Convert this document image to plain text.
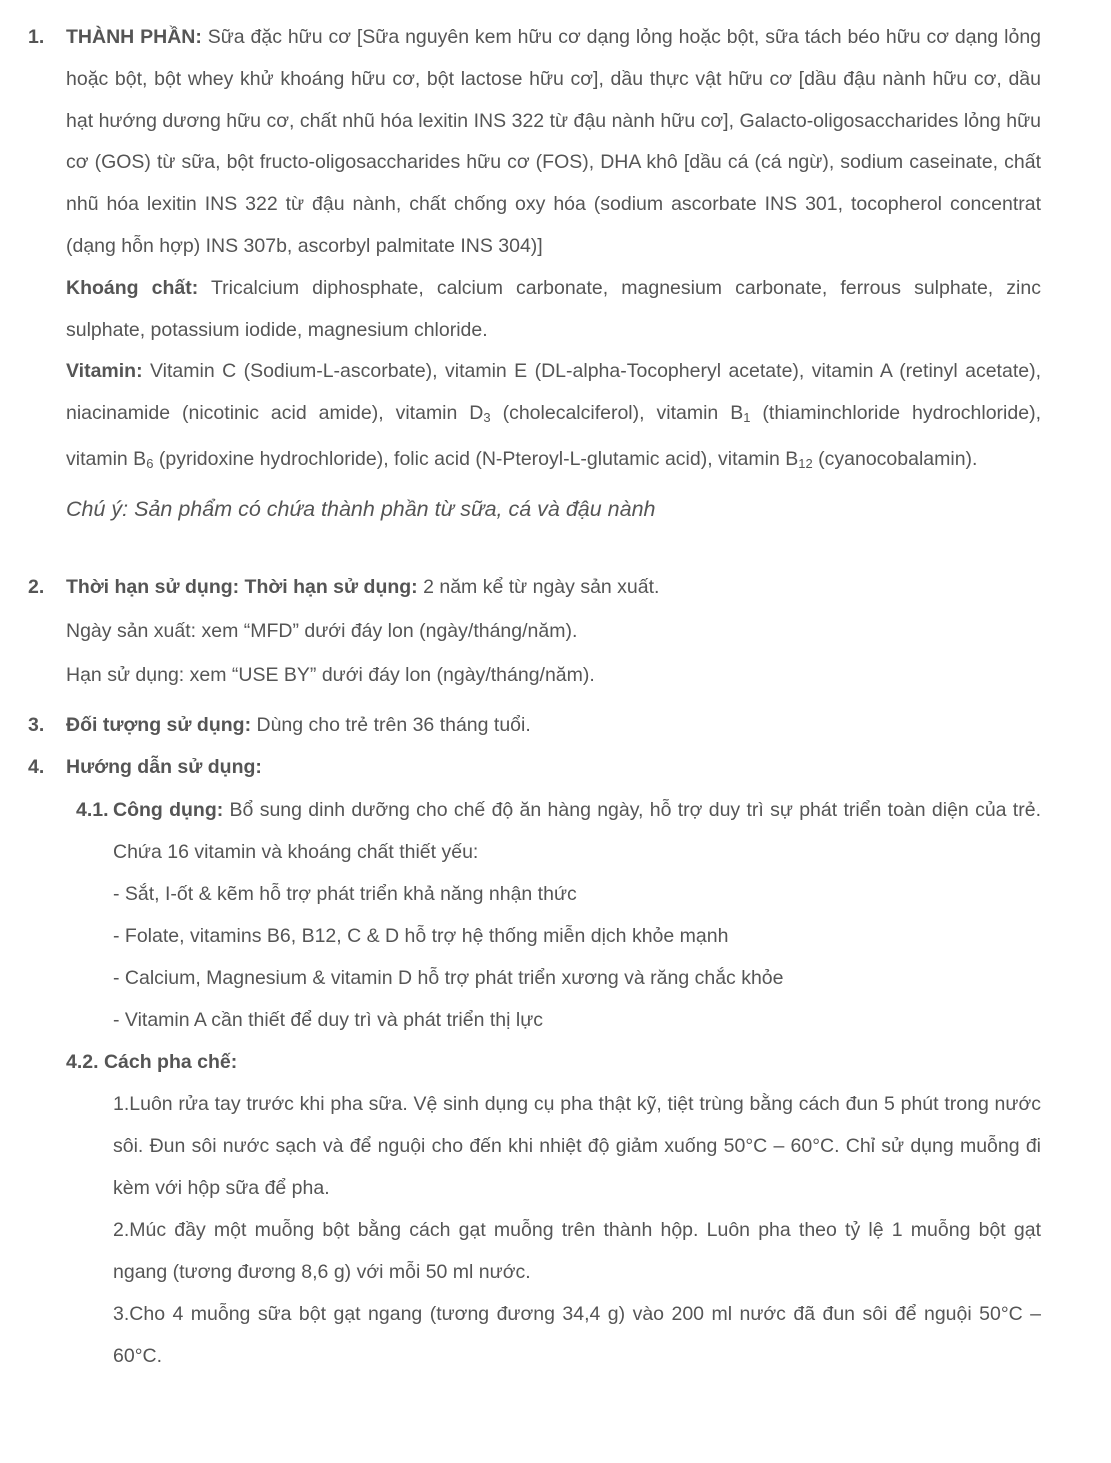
1. THÀNH PHẦN: Sữa đặc hữu cơ [Sữa nguyên kem hữu cơ dạng lỏng hoặc bột, sữa tách béo hữu cơ dạng lỏng hoặc bột, bột whey khử khoáng hữu cơ, bột lactose hữu cơ], dầu thực vật hữu cơ [dầu đậu nành hữu cơ, dầu hạt hướng dương hữu cơ, chất nhũ hóa lexitin INS 322 từ đậu nành hữu cơ], Galacto-oligosaccharides lỏng hữu cơ (GOS) từ sữa, bột fructo-oligosaccharides hữu cơ (FOS), DHA khô [dầu cá (cá ngừ), sodium caseinate, chất nhũ hóa lexitin INS 322 từ đậu nành, chất chống oxy hóa (sodium ascorbate INS 301, tocopherol concentrat (dạng hỗn hợp) INS 307b, ascorbyl palmitate INS 304)]
Khoáng chất: Tricalcium diphosphate, calcium carbonate, magnesium carbonate, ferrous sulphate, zinc sulphate, potassium iodide, magnesium chloride.
Vitamin: Vitamin C (Sodium-L-ascorbate), vitamin E (DL-alpha-Tocopheryl acetate), vitamin A (retinyl acetate), niacinamide (nicotinic acid amide), vitamin D3 (cholecalciferol), vitamin B1 (thiaminchloride hydrochloride), vitamin B6 (pyridoxine hydrochloride), folic acid (N-Pteroyl-L-glutamic acid), vitamin B12 (cyanocobalamin).
Chú ý: Sản phẩm có chứa thành phần từ sữa, cá và đậu nành
2. Thời hạn sử dụng: Thời hạn sử dụng: 2 năm kể từ ngày sản xuất.
Ngày sản xuất: xem “MFD” dưới đáy lon (ngày/tháng/năm).
Hạn sử dụng: xem “USE BY” dưới đáy lon (ngày/tháng/năm).
3. Đối tượng sử dụng: Dùng cho trẻ trên 36 tháng tuổi.
4. Hướng dẫn sử dụng:
4.1. Công dụng: Bổ sung dinh dưỡng cho chế độ ăn hàng ngày, hỗ trợ duy trì sự phát triển toàn diện của trẻ. Chứa 16 vitamin và khoáng chất thiết yếu:
- Sắt, I-ốt & kẽm hỗ trợ phát triển khả năng nhận thức
- Folate, vitamins B6, B12, C & D hỗ trợ hệ thống miễn dịch khỏe mạnh
- Calcium, Magnesium & vitamin D hỗ trợ phát triển xương và răng chắc khỏe
- Vitamin A cần thiết để duy trì và phát triển thị lực
4.2. Cách pha chế:
1.Luôn rửa tay trước khi pha sữa. Vệ sinh dụng cụ pha thật kỹ, tiệt trùng bằng cách đun 5 phút trong nước sôi. Đun sôi nước sạch và để nguội cho đến khi nhiệt độ giảm xuống 50°C – 60°C. Chỉ sử dụng muỗng đi kèm với hộp sữa để pha.
2.Múc đầy một muỗng bột bằng cách gạt muỗng trên thành hộp. Luôn pha theo tỷ lệ 1 muỗng bột gạt ngang (tương đương 8,6 g) với mỗi 50 ml nước.
3.Cho 4 muỗng sữa bột gạt ngang (tương đương 34,4 g) vào 200 ml nước đã đun sôi để nguội 50°C – 60°C.
